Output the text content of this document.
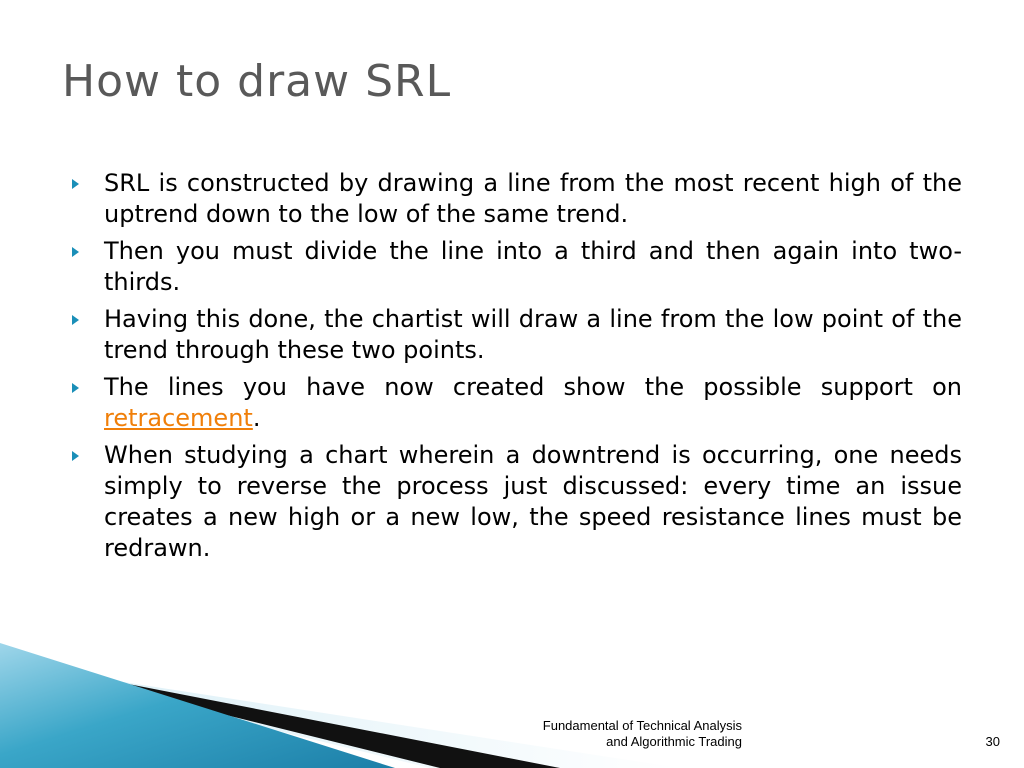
How to draw SRL
SRL is constructed by drawing a line from the most recent high of the uptrend down to the low of the same trend.
Then you must divide the line into a third and then again into two-thirds.
Having this done, the chartist will draw a line from the low point of the trend through these two points.
The lines you have now created show the possible support on retracement.
When studying a chart wherein a downtrend is occurring, one needs simply to reverse the process just discussed: every time an issue creates a new high or a new low, the speed resistance lines must be redrawn.
Fundamental of Technical Analysis
and Algorithmic Trading	30
